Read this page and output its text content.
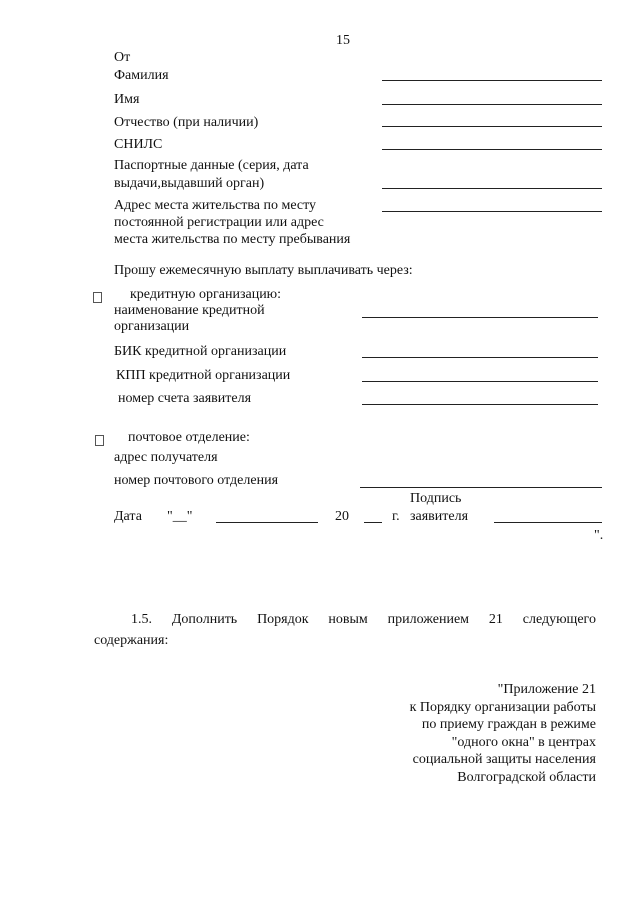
15
От
Фамилия
Имя
Отчество (при наличии)
СНИЛС
Паспортные данные (серия, дата
выдачи,выдавший орган)
Адрес места жительства по месту
постоянной регистрации или адрес
места жительства по месту пребывания
Прошу ежемесячную выплату выплачивать через:
кредитную организацию:
наименование кредитной
организации
БИК кредитной организации
КПП кредитной организации
номер счета заявителя
почтовое отделение:
адрес получателя
номер почтового отделения
Подпись
Дата "__"	20	г. заявителя
".
1.5. Дополнить Порядок новым приложением 21 следующего
содержания:
"Приложение 21
к Порядку организации работы
по приему граждан в режиме
"одного окна" в центрах
социальной защиты населения
Волгоградской области
